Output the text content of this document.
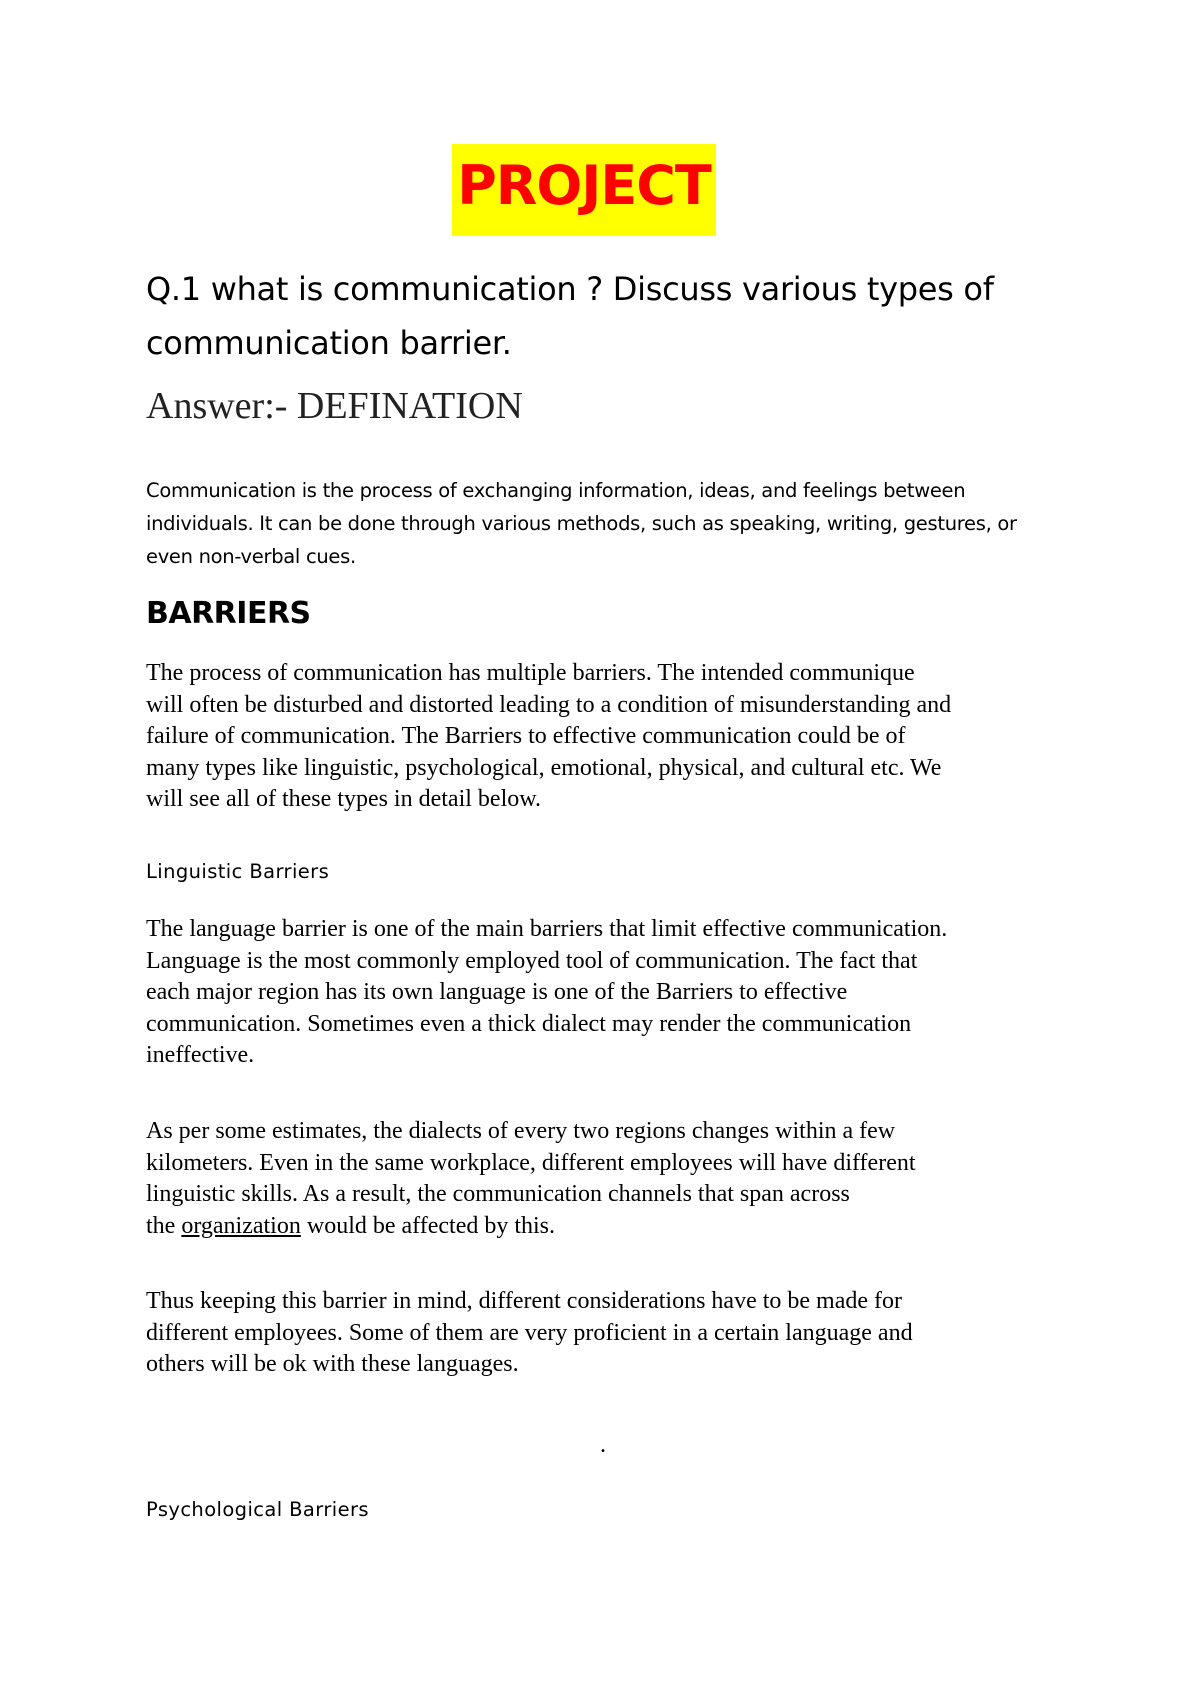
PROJECT
Q.1 what is communication ? Discuss various types of
communication barrier.
Answer:- DEFINATION
Communication is the process of exchanging information, ideas, and feelings between
individuals. It can be done through various methods, such as speaking, writing, gestures, or
even non-verbal cues.
BARRIERS
The process of communication has multiple barriers. The intended communique
will often be disturbed and distorted leading to a condition of misunderstanding and
failure of communication. The Barriers to effective communication could be of
many types like linguistic, psychological, emotional, physical, and cultural etc. We
will see all of these types in detail below.
Linguistic Barriers
The language barrier is one of the main barriers that limit effective communication.
Language is the most commonly employed tool of communication. The fact that
each major region has its own language is one of the Barriers to effective
communication. Sometimes even a thick dialect may render the communication
ineffective.
As per some estimates, the dialects of every two regions changes within a few
kilometers. Even in the same workplace, different employees will have different
linguistic skills. As a result, the communication channels that span across
the organization would be affected by this.
Thus keeping this barrier in mind, different considerations have to be made for
different employees. Some of them are very proficient in a certain language and
others will be ok with these languages.
.
Psychological Barriers
